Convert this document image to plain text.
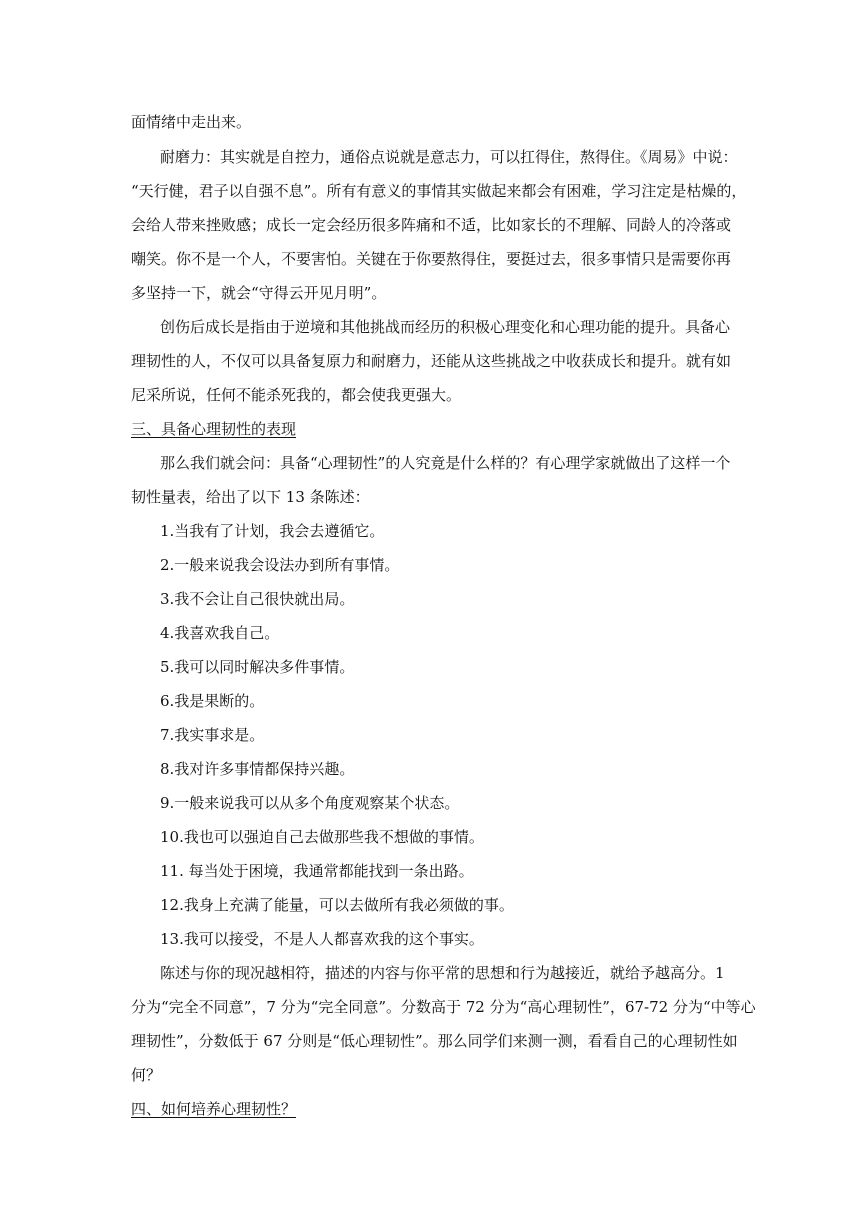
面情绪中走出来。
耐磨力：其实就是自控力，通俗点说就是意志力，可以扛得住，熬得住。《周易》中说：
“天行健，君子以自强不息”。所有有意义的事情其实做起来都会有困难，学习注定是枯燥的，
会给人带来挫败感；成长一定会经历很多阵痛和不适，比如家长的不理解、同龄人的冷落或
嘲笑。你不是一个人，不要害怕。关键在于你要熬得住，要挺过去，很多事情只是需要你再
多坚持一下，就会“守得云开见月明”。
创伤后成长是指由于逆境和其他挑战而经历的积极心理变化和心理功能的提升。具备心
理韧性的人，不仅可以具备复原力和耐磨力，还能从这些挑战之中收获成长和提升。就有如
尼采所说，任何不能杀死我的，都会使我更强大。
三、具备心理韧性的表现
那么我们就会问：具备“心理韧性”的人究竟是什么样的？有心理学家就做出了这样一个
韧性量表，给出了以下 13 条陈述：
1.当我有了计划，我会去遵循它。
2.一般来说我会设法办到所有事情。
3.我不会让自己很快就出局。
4.我喜欢我自己。
5.我可以同时解决多件事情。
6.我是果断的。
7.我实事求是。
8.我对许多事情都保持兴趣。
9.一般来说我可以从多个角度观察某个状态。
10.我也可以强迫自己去做那些我不想做的事情。
11. 每当处于困境，我通常都能找到一条出路。
12.我身上充满了能量，可以去做所有我必须做的事。
13.我可以接受，不是人人都喜欢我的这个事实。
陈述与你的现况越相符，描述的内容与你平常的思想和行为越接近，就给予越高分。1
分为“完全不同意”，7 分为“完全同意”。分数高于 72 分为“高心理韧性”，67-72 分为“中等心
理韧性”，分数低于 67 分则是“低心理韧性”。那么同学们来测一测，看看自己的心理韧性如
何？
四、如何培养心理韧性？
